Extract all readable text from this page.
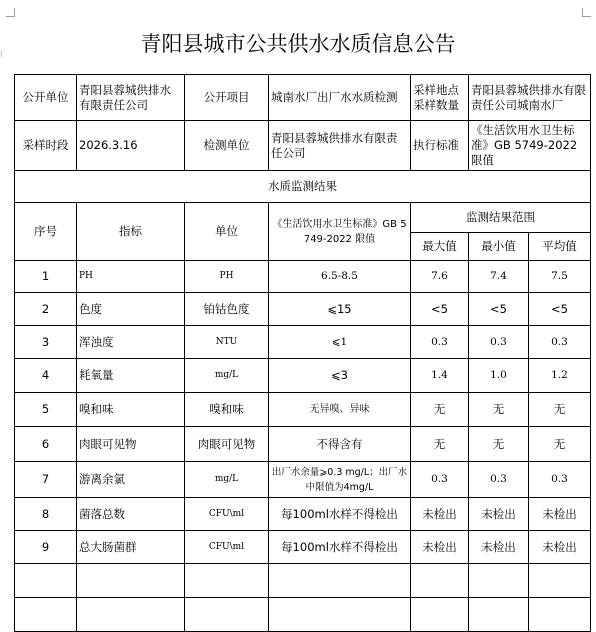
⁝	青阳县城市公共供水水质信息公告
公开单位	青阳县蓉城供排水有限责任公司	公开项目	城南水厂出厂水水质检测	采样地点采样数量	青阳县蓉城供排水有限责任公司城南水厂	
采样时段	2026.3.16	检测单位	青阳县蓉城供排水有限责任公司	执行标准	《生活饮用水卫生标准》GB 5749-2022 限值	
水质监测结果						
序号	指标	单位	《生活饮用水卫生标准》GB 5749-2022 限值	监测结果范围		
				最大值	最小值	平均值
1	PH	PH	6.5-8.5	7.6	7.4	7.5
2	色度	铂钴色度	⩽15	<5	<5	<5
3	浑浊度	NTU	⩽1	0.3	0.3	0.3
4	耗氧量	mg/L	⩽3	1.4	1.0	1.2
5	嗅和味	嗅和味	无异嗅、异味	无	无	无
6	肉眼可见物	肉眼可见物	不得含有	无	无	无
7	游离余氯	mg/L	出厂水余量⩾0.3 mg/L；出厂水中限值为4mg/L	0.3	0.3	0.3
8	菌落总数	CFU\ml	每100ml水样不得检出	未检出	未检出	未检出
9	总大肠菌群	CFU\ml	每100ml水样不得检出	未检出	未检出	未检出
